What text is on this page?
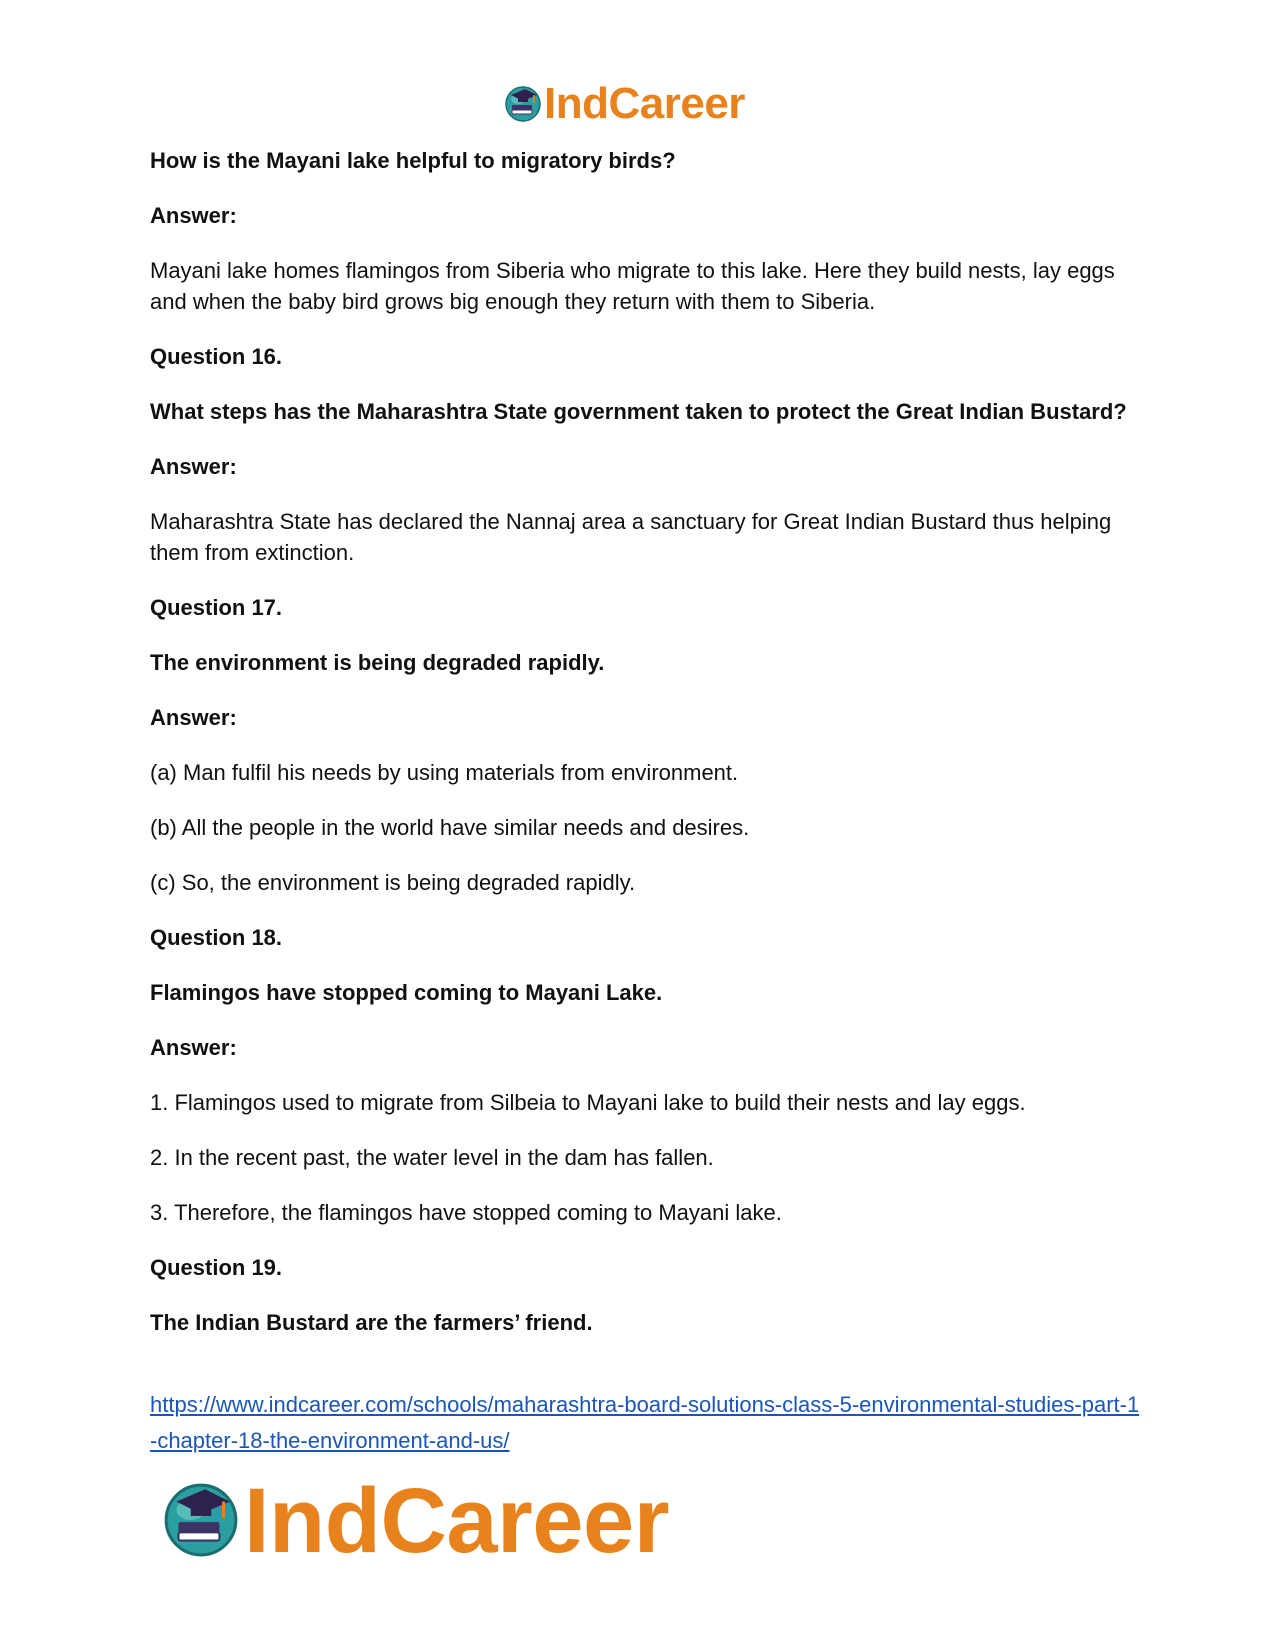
IndCareer

How is the Mayani lake helpful to migratory birds?

Answer:

Mayani lake homes flamingos from Siberia who migrate to this lake. Here they build nests, lay eggs and when the baby bird grows big enough they return with them to Siberia.

Question 16.

What steps has the Maharashtra State government taken to protect the Great Indian Bustard?

Answer:

Maharashtra State has declared the Nannaj area a sanctuary for Great Indian Bustard thus helping them from extinction.

Question 17.

The environment is being degraded rapidly.

Answer:

(a) Man fulfil his needs by using materials from environment.

(b) All the people in the world have similar needs and desires.

(c) So, the environment is being degraded rapidly.

Question 18.

Flamingos have stopped coming to Mayani Lake.

Answer:

1. Flamingos used to migrate from Silbeia to Mayani lake to build their nests and lay eggs.

2. In the recent past, the water level in the dam has fallen.

3. Therefore, the flamingos have stopped coming to Mayani lake.

Question 19.

The Indian Bustard are the farmers’ friend.

https://www.indcareer.com/schools/maharashtra-board-solutions-class-5-environmental-studies-part-1-chapter-18-the-environment-and-us/
IndCareer
